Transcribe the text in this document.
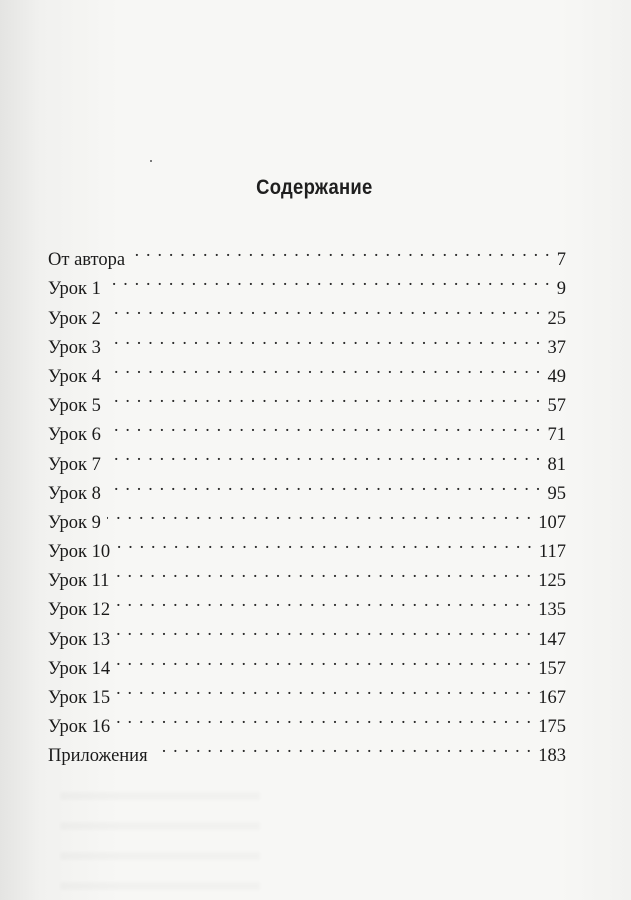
Содержание
От автора . . .	7
Урок 1 . . .	9
Урок 2 . . .	25
Урок 3 . . .	37
Урок 4 . . .	49
Урок 5 . . .	57
Урок 6 . . .	71
Урок 7 . . .	81
Урок 8 . . .	95
Урок 9 . . .	107
Урок 10 . . .	117
Урок 11 . . .	125
Урок 12 . . .	135
Урок 13 . . .	147
Урок 14 . . .	157
Урок 15 . . .	167
Урок 16 . . .	175
Приложения . . .	183
